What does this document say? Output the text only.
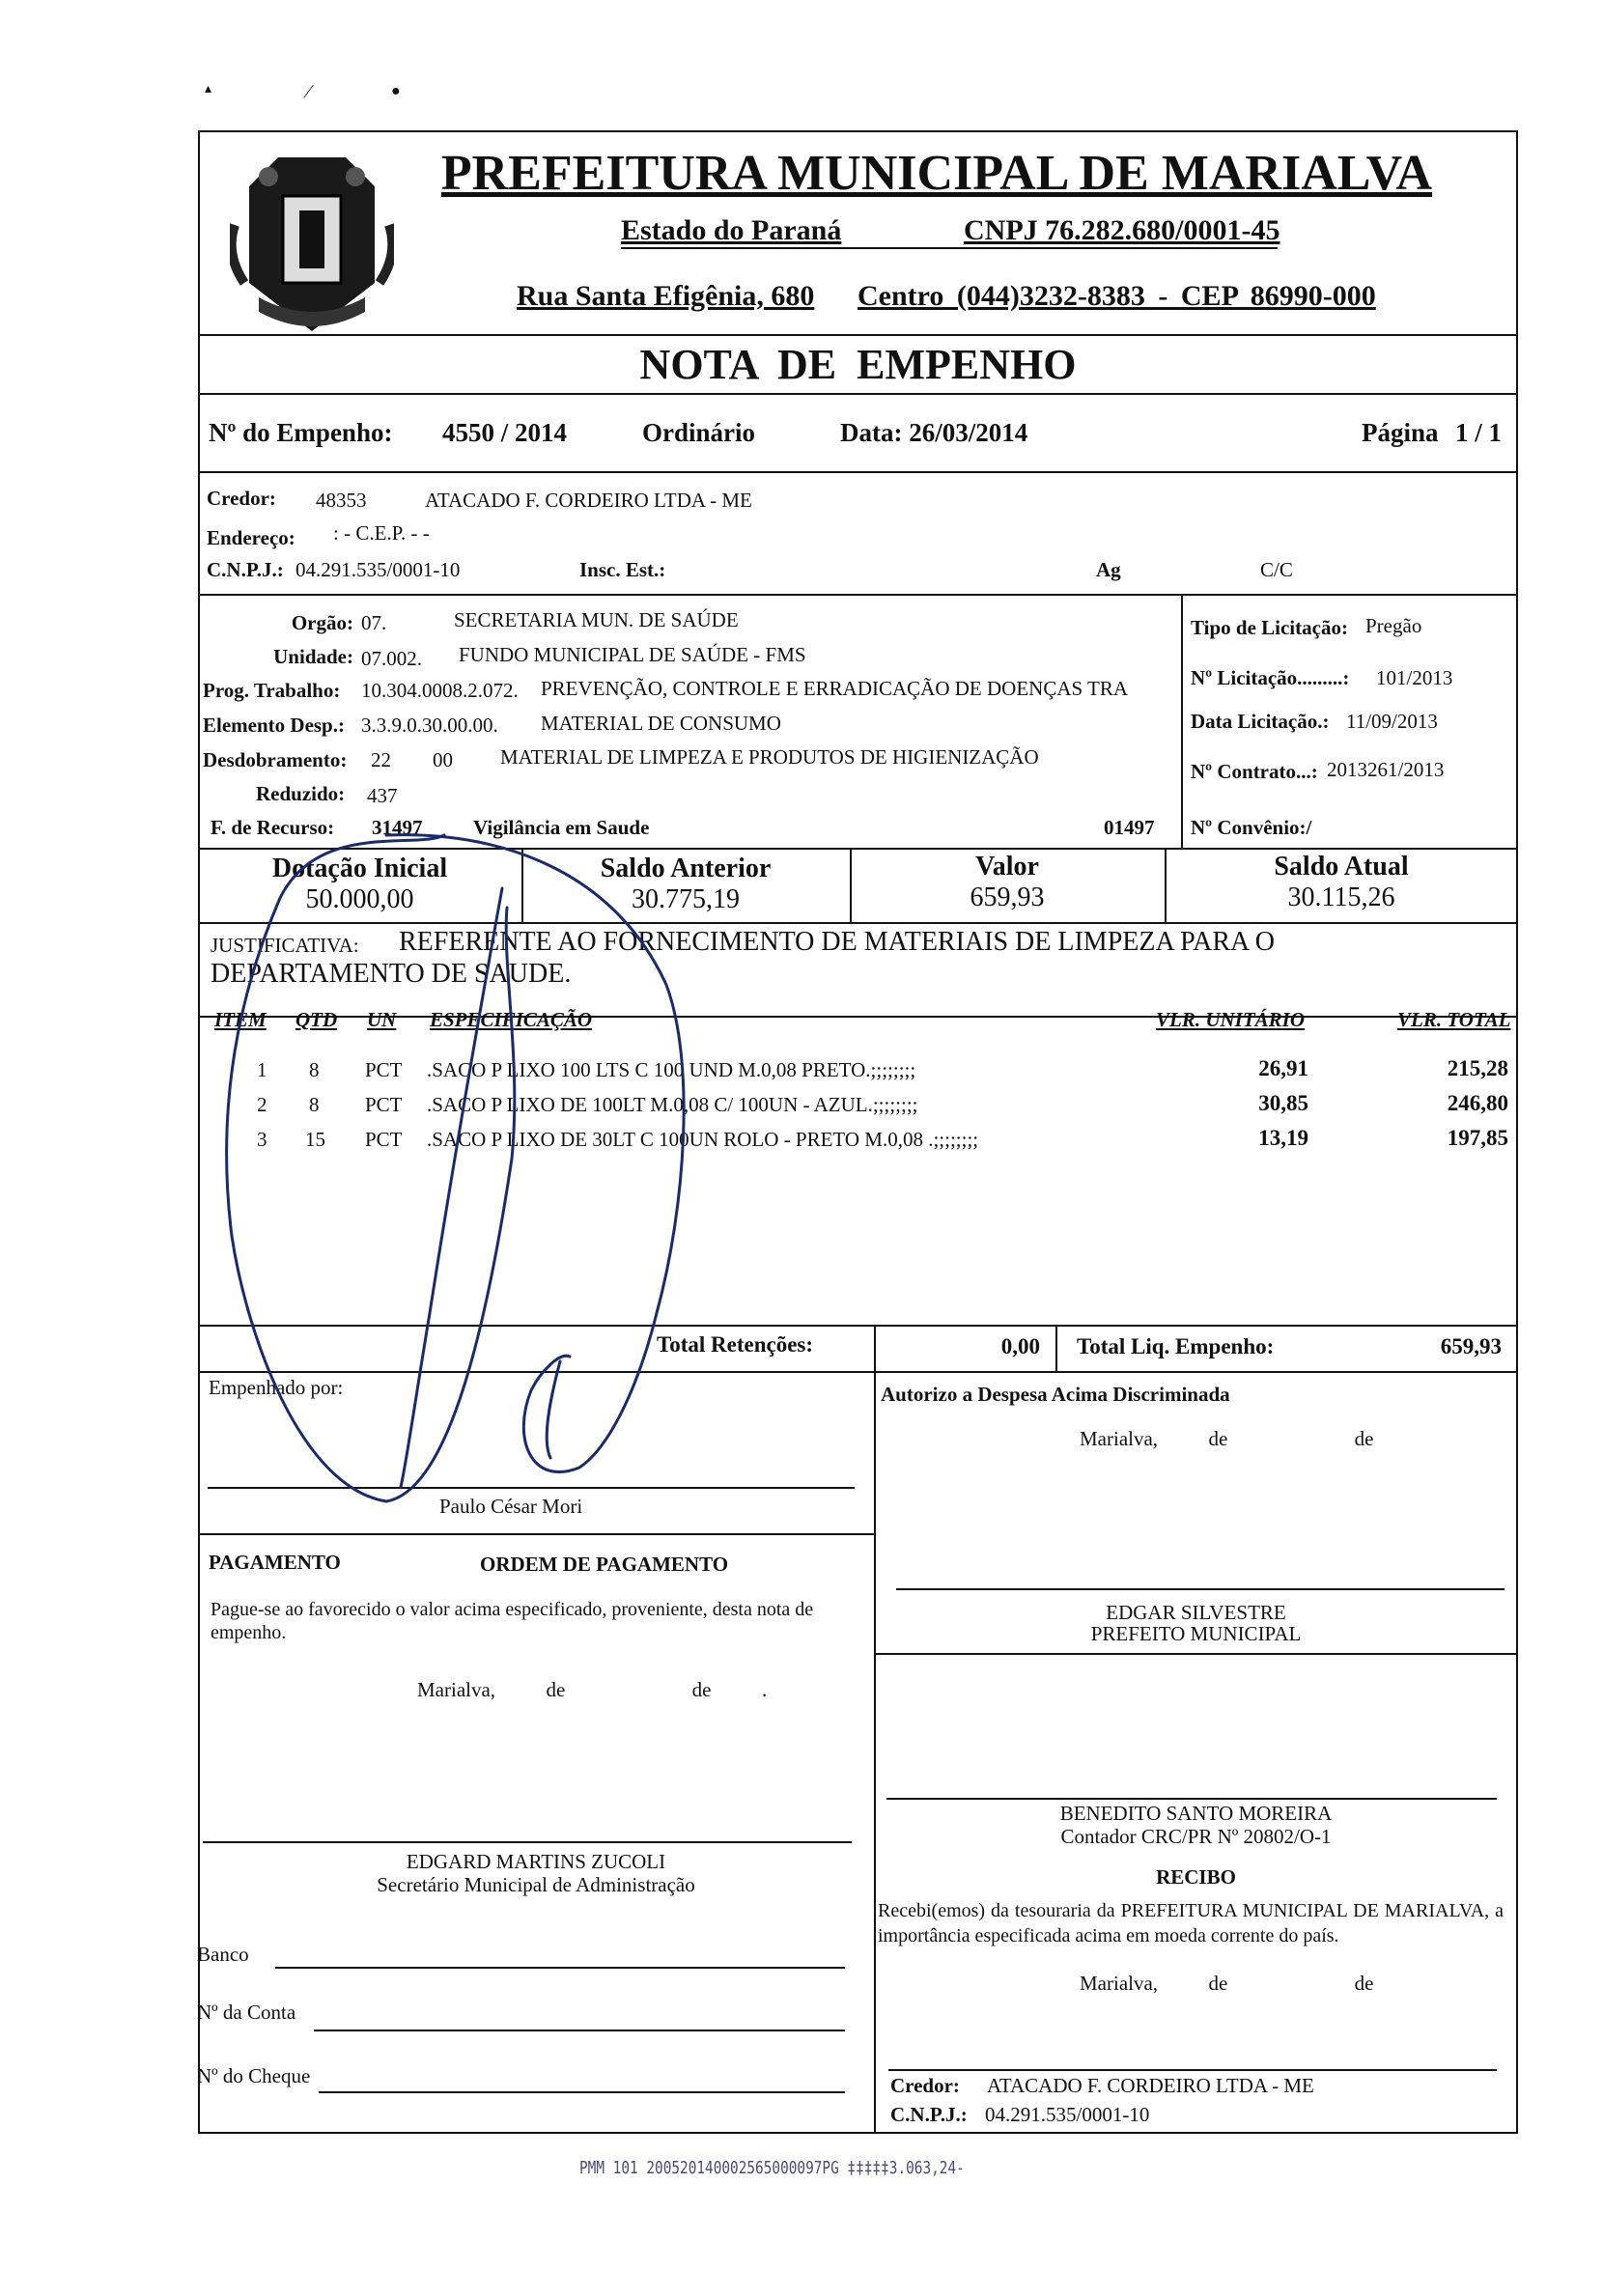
▴	⁄	●
PREFEITURA MUNICIPAL DE MARIALVA
Estado do Paraná	CNPJ 76.282.680/0001-45
Rua Santa Efigênia, 680 Centro (044)3232-8383 - CEP 86990-000
NOTA DE EMPENHO
Nº do Empenho: 4550 / 2014	Ordinário	Data: 26/03/2014	Página 1 / 1
Credor: 48353	ATACADO F. CORDEIRO LTDA - ME
Endereço: : - C.E.P. - -
C.N.P.J.: 04.291.535/0001-10	Insc. Est.:	Ag	C/C
Orgão: 07.	SECRETARIA MUN. DE SAÚDE
Unidade: 07.002. FUNDO MUNICIPAL DE SAÚDE - FMS
Prog. Trabalho: 10.304.0008.2.072. PREVENÇÃO, CONTROLE E ERRADICAÇÃO DE DOENÇAS TRA
Elemento Desp.: 3.3.9.0.30.00.00. MATERIAL DE CONSUMO
Desdobramento: 22 00 MATERIAL DE LIMPEZA E PRODUTOS DE HIGIENIZAÇÃO
Reduzido: 437
F. de Recurso: 31497	Vigilância em Saude	01497
Tipo de Licitação: Pregão
Nº Licitação.........: 101/2013
Data Licitação.: 11/09/2013
Nº Contrato...: 2013261/2013
Nº Convênio:/
Dotação Inicial
50.000,00
Saldo Anterior
30.775,19
Valor
659,93
Saldo Atual
30.115,26
JUSTIFICATIVA: REFERENTE AO FORNECIMENTO DE MATERIAIS DE LIMPEZA PARA O
DEPARTAMENTO DE SAUDE.
ITEM QTD UN ESPECIFICAÇÃO	VLR. UNITÁRIO	VLR. TOTAL
1 8 PCT .SACO P LIXO 100 LTS C 100 UND M.0,08 PRETO.;;;;;;;;	26,91	215,28
2 8 PCT .SACO P LIXO DE 100LT M.0,08 C/ 100UN - AZUL.;;;;;;;;	30,85	246,80
3 15 PCT .SACO P LIXO DE 30LT C 100UN ROLO - PRETO M.0,08 .;;;;;;;;	13,19	197,85
Total Retenções:	0,00 Total Liq. Empenho:	659,93
Empenhado por:
Paulo César Mori
Autorizo a Despesa Acima Discriminada
Marialva,          de                         de
PAGAMENTO	ORDEM DE PAGAMENTO
Pague-se ao favorecido o valor acima especificado, proveniente, desta nota de empenho.
Marialva,          de                         de          .
EDGAR SILVESTRE
PREFEITO MUNICIPAL
BENEDITO SANTO MOREIRA
Contador CRC/PR Nº 20802/O-1
EDGARD MARTINS ZUCOLI
Secretário Municipal de Administração	RECIBO
Recebi(emos) da tesouraria da PREFEITURA MUNICIPAL DE MARIALVA, a importância especificada acima em moeda corrente do país.
Marialva,          de                         de
Banco
Nº da Conta
Nº do Cheque	Credor: ATACADO F. CORDEIRO LTDA - ME
C.N.P.J.: 04.291.535/0001-10
PMM 101 200520140002565000097PG ‡‡‡‡‡3.063,24-
